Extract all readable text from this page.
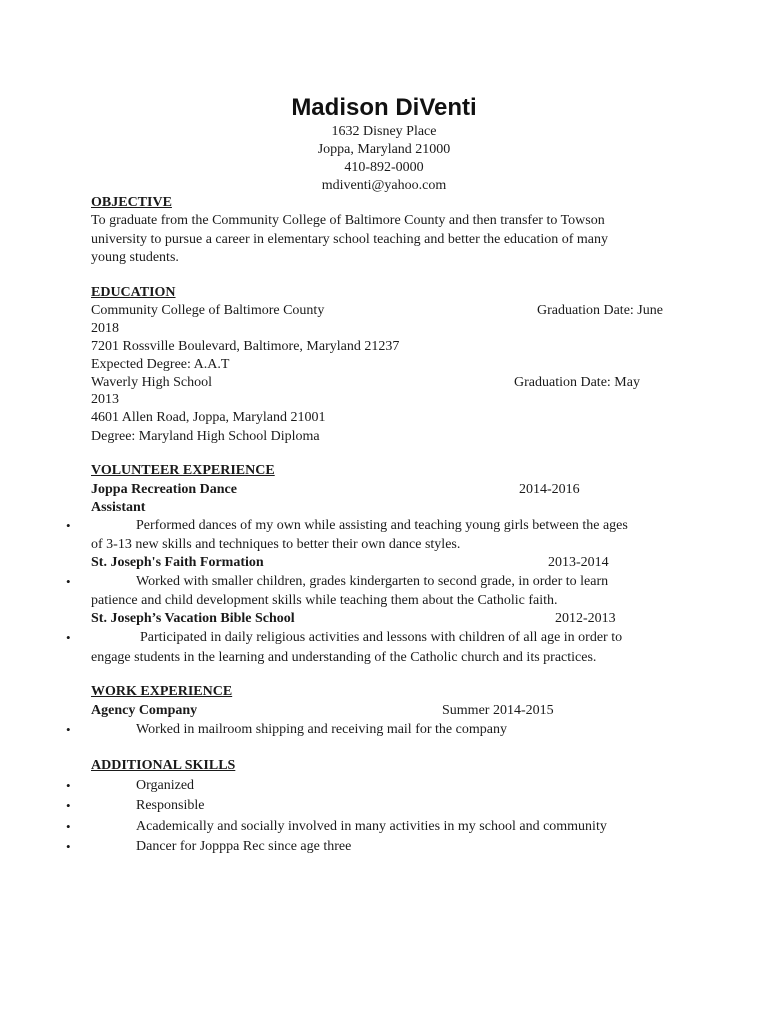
Madison DiVenti
1632 Disney Place
Joppa, Maryland 21000
410-892-0000
mdiventi@yahoo.com
OBJECTIVE
To graduate from the Community College of Baltimore County and then transfer to Towson
university to pursue a career in elementary school teaching and better the education of many
young students.
EDUCATION
Community College of Baltimore County	Graduation Date: June
2018
7201 Rossville Boulevard, Baltimore, Maryland 21237
Expected Degree: A.A.T
Waverly High School	Graduation Date: May
2013
4601 Allen Road, Joppa, Maryland 21001
Degree: Maryland High School Diploma
VOLUNTEER EXPERIENCE
Joppa Recreation Dance	2014-2016
Assistant
•	Performed dances of my own while assisting and teaching young girls between the ages
of 3-13 new skills and techniques to better their own dance styles.
St. Joseph's Faith Formation	2013-2014
•	Worked with smaller children, grades kindergarten to second grade, in order to learn
patience and child development skills while teaching them about the Catholic faith.
St. Joseph’s Vacation Bible School	2012-2013
•	Participated in daily religious activities and lessons with children of all age in order to
engage students in the learning and understanding of the Catholic church and its practices.
WORK EXPERIENCE
Agency Company	Summer 2014-2015
•	Worked in mailroom shipping and receiving mail for the company
ADDITIONAL SKILLS
•	Organized
•	Responsible
•	Academically and socially involved in many activities in my school and community
•	Dancer for Jopppa Rec since age three
